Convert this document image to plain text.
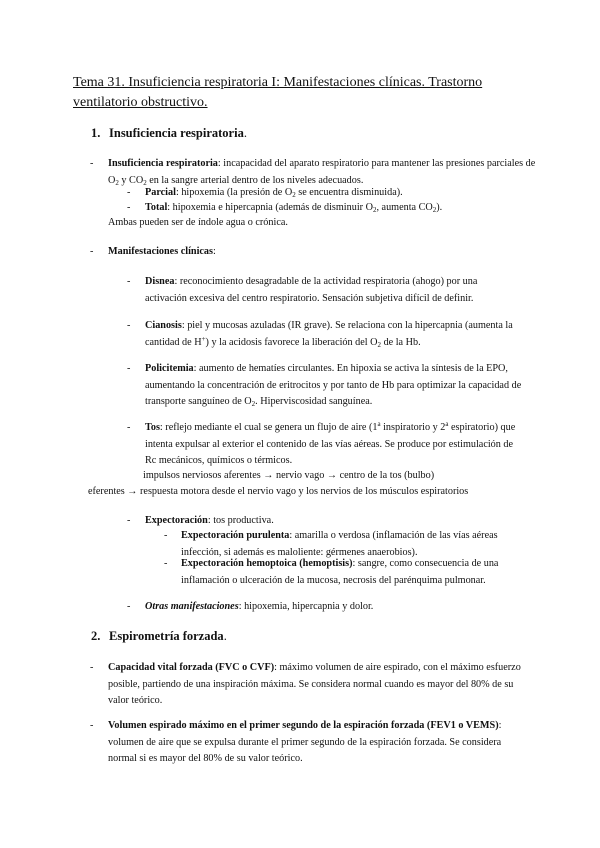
Tema 31. Insuficiencia respiratoria I: Manifestaciones clínicas. Trastorno ventilatorio obstructivo.
1. Insuficiencia respiratoria.
- Insuficiencia respiratoria: incapacidad del aparato respiratorio para mantener las presiones parciales de $O_2$ y $CO_2$ en la sangre arterial dentro de los niveles adecuados.
- Parcial: hipoxemia (la presión de $O_2$ se encuentra disminuida).
- Total: hipoxemia e hipercapnia (además de disminuir $O_2$, aumenta $CO_2$).
Ambas pueden ser de índole agua o crónica.
- Manifestaciones clínicas:
- Disnea: reconocimiento desagradable de la actividad respiratoria (ahogo) por una activación excesiva del centro respiratorio. Sensación subjetiva difícil de definir.
- Cianosis: piel y mucosas azuladas (IR grave). Se relaciona con la hipercapnia (aumenta la cantidad de H+) y la acidosis favorece la liberación del $O_2$ de la Hb.
- Policitemia: aumento de hematíes circulantes. En hipoxia se activa la síntesis de la EPO, aumentando la concentración de eritrocitos y por tanto de Hb para optimizar la capacidad de transporte sanguíneo de $O_2$. Hiperviscosidad sanguínea.
- Tos: reflejo mediante el cual se genera un flujo de aire (1$^a$ inspiratorio y 2$^a$ espiratorio) que intenta expulsar al exterior el contenido de las vías aéreas. Se produce por estimulación de Rc mecánicos, químicos o térmicos.
impulsos nerviosos aferentes → nervio vago → centro de la tos (bulbo)
eferentes → respuesta motora desde el nervio vago y los nervios de los músculos espiratorios
- Expectoración: tos productiva.
- Expectoración purulenta: amarilla o verdosa (inflamación de las vías aéreas infección, si además es maloliente: gérmenes anaerobios).
- Expectoración hemoptoica (hemoptisis): sangre, como consecuencia de una inflamación o ulceración de la mucosa, necrosis del parénquima pulmonar.
- Otras manifestaciones: hipoxemia, hipercapnia y dolor.
2. Espirometría forzada.
- Capacidad vital forzada (FVC o CVF): máximo volumen de aire espirado, con el máximo esfuerzo posible, partiendo de una inspiración máxima. Se considera normal cuando es mayor del 80% de su valor teórico.
- Volumen espirado máximo en el primer segundo de la espiración forzada (FEV1 o VEMS): volumen de aire que se expulsa durante el primer segundo de la espiración forzada. Se considera normal si es mayor del 80% de su valor teórico.
